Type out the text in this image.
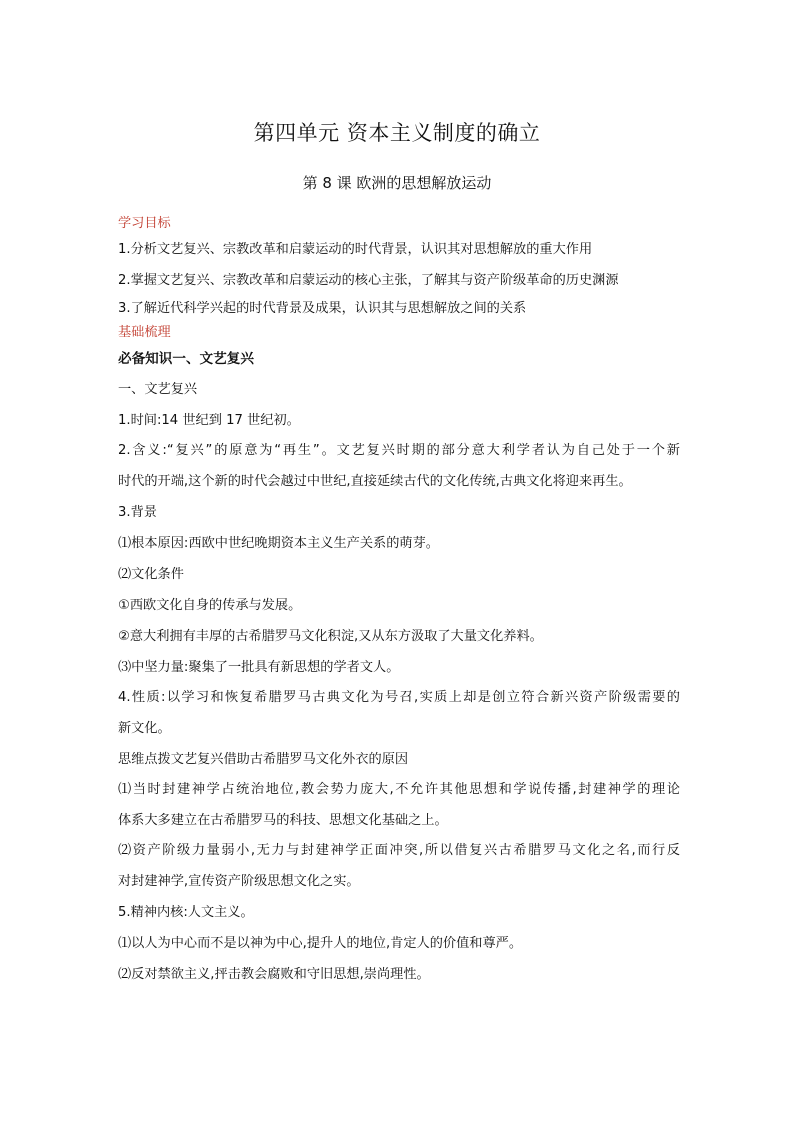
第四单元 资本主义制度的确立
第 8 课 欧洲的思想解放运动
学习目标
1.分析文艺复兴、宗教改革和启蒙运动的时代背景，认识其对思想解放的重大作用
2.掌握文艺复兴、宗教改革和启蒙运动的核心主张，了解其与资产阶级革命的历史渊源
3.了解近代科学兴起的时代背景及成果，认识其与思想解放之间的关系
基础梳理
必备知识一、文艺复兴
一、文艺复兴
1.时间:14 世纪到 17 世纪初。
2.含义:“复兴”的原意为“再生”。文艺复兴时期的部分意大利学者认为自己处于一个新
时代的开端,这个新的时代会越过中世纪,直接延续古代的文化传统,古典文化将迎来再生。
3.背景
⑴根本原因:西欧中世纪晚期资本主义生产关系的萌芽。
⑵文化条件
①西欧文化自身的传承与发展。
②意大利拥有丰厚的古希腊罗马文化积淀,又从东方汲取了大量文化养料。
⑶中坚力量:聚集了一批具有新思想的学者文人。
4.性质:以学习和恢复希腊罗马古典文化为号召,实质上却是创立符合新兴资产阶级需要的
新文化。
思维点拨文艺复兴借助古希腊罗马文化外衣的原因
⑴当时封建神学占统治地位,教会势力庞大,不允许其他思想和学说传播,封建神学的理论
体系大多建立在古希腊罗马的科技、思想文化基础之上。
⑵资产阶级力量弱小,无力与封建神学正面冲突,所以借复兴古希腊罗马文化之名,而行反
对封建神学,宣传资产阶级思想文化之实。
5.精神内核:人文主义。
⑴以人为中心而不是以神为中心,提升人的地位,肯定人的价值和尊严。
⑵反对禁欲主义,抨击教会腐败和守旧思想,崇尚理性。
